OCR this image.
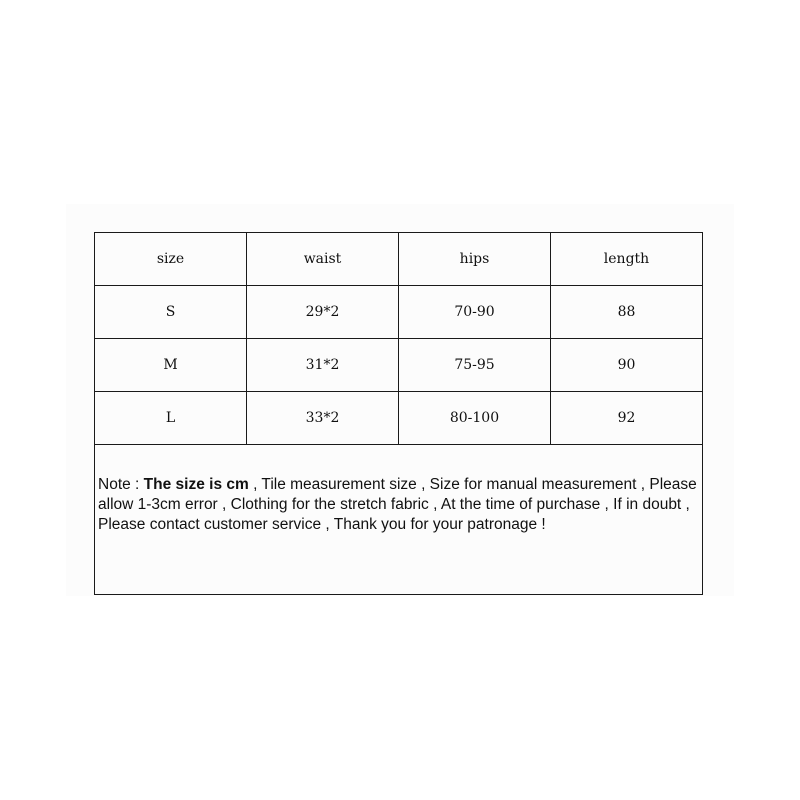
size	waist	hips	length
S	29*2	70-90	88
M	31*2	75-95	90
L	33*2	80-100	92
Note : The size is cm , Tile measurement size , Size for manual measurement , Please allow 1-3cm error , Clothing for the stretch fabric , At the time of purchase , If in doubt , Please contact customer service , Thank you for your patronage !			
